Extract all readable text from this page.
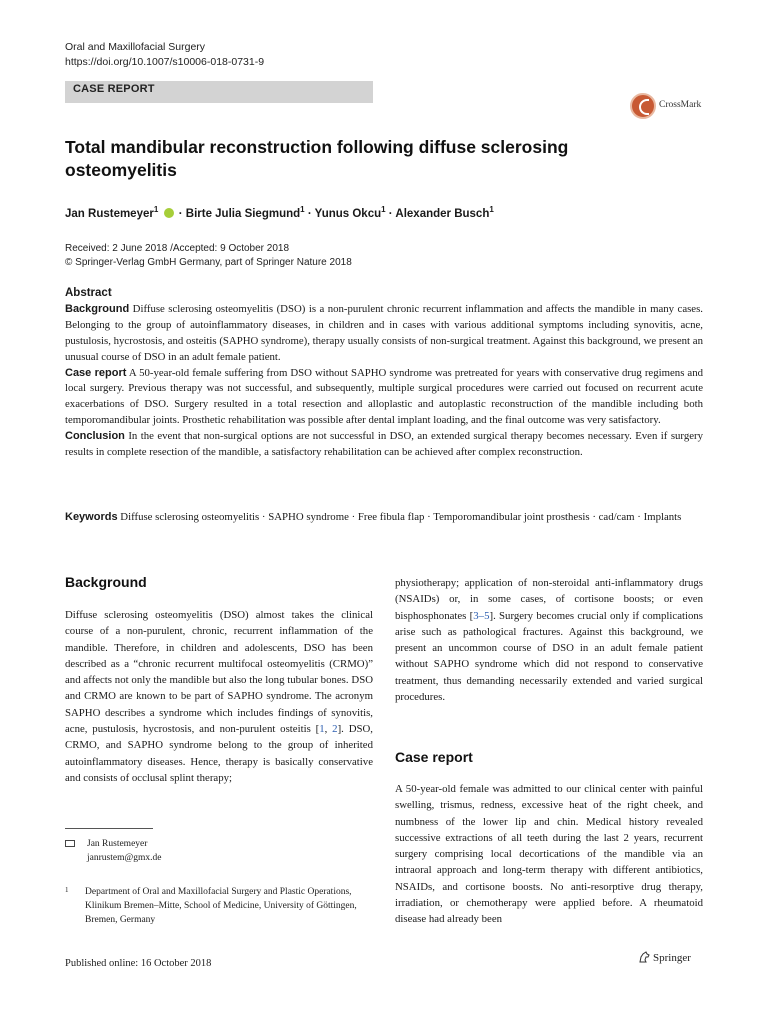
Oral and Maxillofacial Surgery
https://doi.org/10.1007/s10006-018-0731-9
CASE REPORT
CrossMark
Total mandibular reconstruction following diffuse sclerosing osteomyelitis
Jan Rustemeyer$^1$ · Birte Julia Siegmund$^1$ · Yunus Okcu$^1$ · Alexander Busch$^1$
Received: 2 June 2018 /Accepted: 9 October 2018
© Springer-Verlag GmbH Germany, part of Springer Nature 2018
Abstract

Background Diffuse sclerosing osteomyelitis (DSO) is a non-purulent chronic recurrent inflammation and affects the mandible in many cases. Belonging to the group of autoinflammatory diseases, in children and in cases with various additional symptoms including synovitis, acne, pustulosis, hycrostosis, and osteitis (SAPHO syndrome), therapy usually consists of non-surgical treatment. Against this background, we present an unusual course of DSO in an adult female patient.

Case report A 50-year-old female suffering from DSO without SAPHO syndrome was pretreated for years with conservative drug regimens and local surgery. Previous therapy was not successful, and subsequently, multiple surgical procedures were carried out focused on recurrent acute exacerbations of DSO. Surgery resulted in a total resection and alloplastic and autoplastic reconstruction of the mandible including both temporomandibular joints. Prosthetic rehabilitation was possible after dental implant loading, and the final outcome was very satisfactory.

Conclusion In the event that non-surgical options are not successful in DSO, an extended surgical therapy becomes necessary. Even if surgery results in complete resection of the mandible, a satisfactory rehabilitation can be achieved after complex reconstruction.

Keywords Diffuse sclerosing osteomyelitis · SAPHO syndrome · Free fibula flap · Temporomandibular joint prosthesis · cad/cam · Implants
Background

Diffuse sclerosing osteomyelitis (DSO) almost takes the clinical course of a non-purulent, chronic, recurrent inflammation of the mandible. Therefore, in children and adolescents, DSO has been described as a “chronic recurrent multifocal osteomyelitis (CRMO)” and affects not only the mandible but also the long tubular bones. DSO and CRMO are known to be part of SAPHO syndrome. The acronym SAPHO describes a syndrome which includes findings of synovitis, acne, pustulosis, hycrostosis, and non-purulent osteitis [1, 2]. DSO, CRMO, and SAPHO syndrome belong to the group of inherited autoinflammatory diseases. Hence, therapy is basically conservative and consists of occlusal splint therapy;

physiotherapy; application of non-steroidal anti-inflammatory drugs (NSAIDs) or, in some cases, of cortisone boosts; or even bisphosphonates [3–5]. Surgery becomes crucial only if complications arise such as pathological fractures. Against this background, we present an uncommon course of DSO in an adult female patient without SAPHO syndrome which did not respond to conservative treatment, thus demanding necessarily extended and varied surgical procedures.

Case report

A 50-year-old female was admitted to our clinical center with painful swelling, trismus, redness, excessive heat of the right cheek, and numbness of the lower lip and chin. Medical history revealed successive extractions of all teeth during the last 2 years, recurrent surgery comprising local decortications of the mandible via an intraoral approach and long-term therapy with different antibiotics, NSAIDs, and cortisone boosts. No anti-resorptive drug therapy, irradiation, or chemotherapy were applied before. A rheumatoid disease had already been

Jan Rustemeyer
janrustem@gmx.de
1	Department of Oral and Maxillofacial Surgery and Plastic Operations, Klinikum Bremen–Mitte, School of Medicine, University of Göttingen, Bremen, Germany
Published online: 16 October 2018	Springer
